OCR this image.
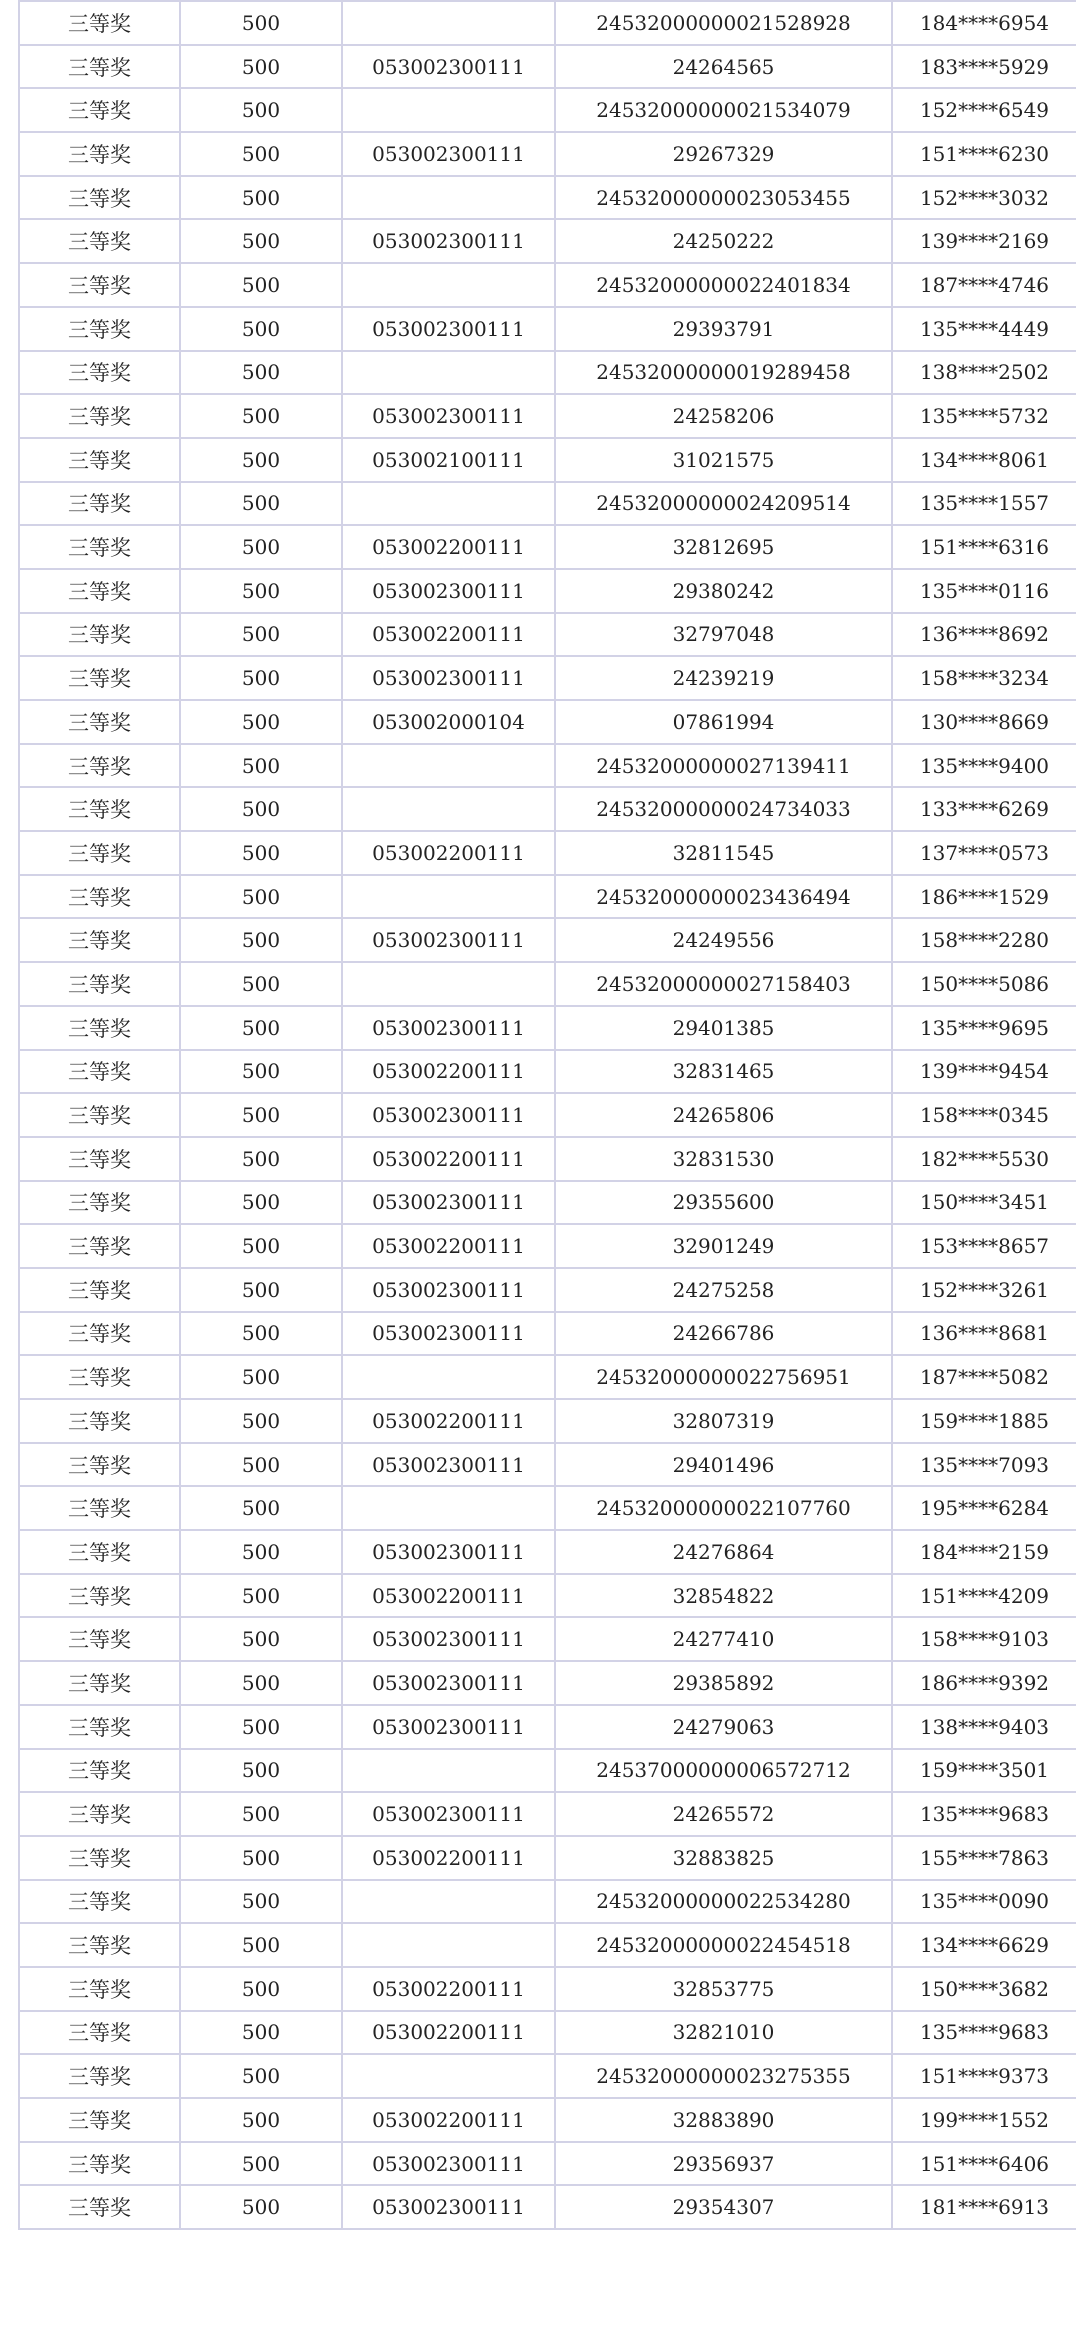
三等奖	500		24532000000021528928	184****6954
三等奖	500	053002300111	24264565	183****5929
三等奖	500		24532000000021534079	152****6549
三等奖	500	053002300111	29267329	151****6230
三等奖	500		24532000000023053455	152****3032
三等奖	500	053002300111	24250222	139****2169
三等奖	500		24532000000022401834	187****4746
三等奖	500	053002300111	29393791	135****4449
三等奖	500		24532000000019289458	138****2502
三等奖	500	053002300111	24258206	135****5732
三等奖	500	053002100111	31021575	134****8061
三等奖	500		24532000000024209514	135****1557
三等奖	500	053002200111	32812695	151****6316
三等奖	500	053002300111	29380242	135****0116
三等奖	500	053002200111	32797048	136****8692
三等奖	500	053002300111	24239219	158****3234
三等奖	500	053002000104	07861994	130****8669
三等奖	500		24532000000027139411	135****9400
三等奖	500		24532000000024734033	133****6269
三等奖	500	053002200111	32811545	137****0573
三等奖	500		24532000000023436494	186****1529
三等奖	500	053002300111	24249556	158****2280
三等奖	500		24532000000027158403	150****5086
三等奖	500	053002300111	29401385	135****9695
三等奖	500	053002200111	32831465	139****9454
三等奖	500	053002300111	24265806	158****0345
三等奖	500	053002200111	32831530	182****5530
三等奖	500	053002300111	29355600	150****3451
三等奖	500	053002200111	32901249	153****8657
三等奖	500	053002300111	24275258	152****3261
三等奖	500	053002300111	24266786	136****8681
三等奖	500		24532000000022756951	187****5082
三等奖	500	053002200111	32807319	159****1885
三等奖	500	053002300111	29401496	135****7093
三等奖	500		24532000000022107760	195****6284
三等奖	500	053002300111	24276864	184****2159
三等奖	500	053002200111	32854822	151****4209
三等奖	500	053002300111	24277410	158****9103
三等奖	500	053002300111	29385892	186****9392
三等奖	500	053002300111	24279063	138****9403
三等奖	500		24537000000006572712	159****3501
三等奖	500	053002300111	24265572	135****9683
三等奖	500	053002200111	32883825	155****7863
三等奖	500		24532000000022534280	135****0090
三等奖	500		24532000000022454518	134****6629
三等奖	500	053002200111	32853775	150****3682
三等奖	500	053002200111	32821010	135****9683
三等奖	500		24532000000023275355	151****9373
三等奖	500	053002200111	32883890	199****1552
三等奖	500	053002300111	29356937	151****6406
三等奖	500	053002300111	29354307	181****6913
